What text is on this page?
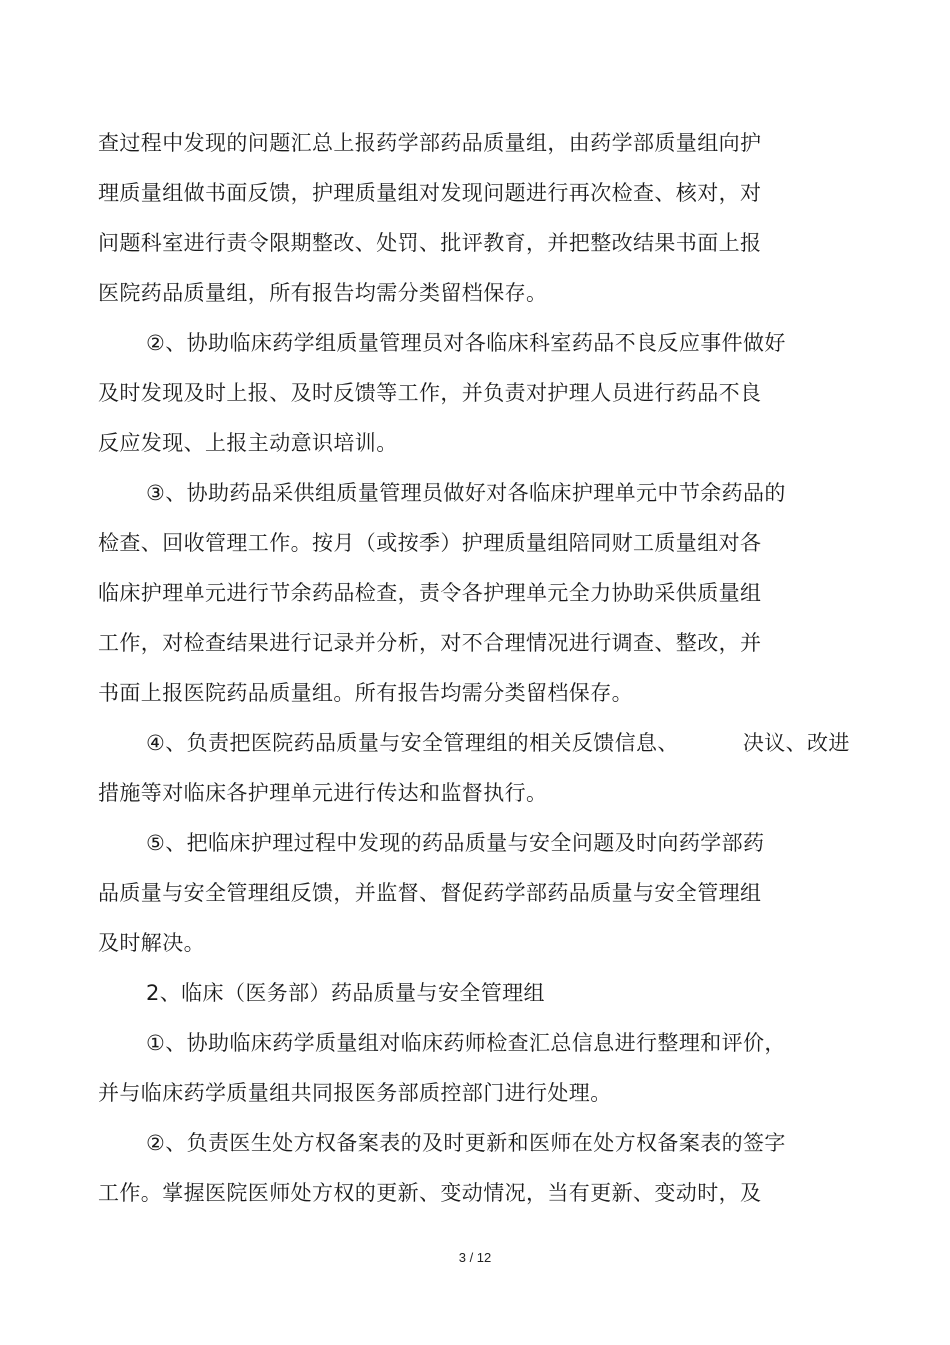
查过程中发现的问题汇总上报药学部药品质量组，由药学部质量组向护
理质量组做书面反馈，护理质量组对发现问题进行再次检查、核对，对
问题科室进行责令限期整改、处罚、批评教育，并把整改结果书面上报
医院药品质量组，所有报告均需分类留档保存。
②、协助临床药学组质量管理员对各临床科室药品不良反应事件做好
及时发现及时上报、及时反馈等工作，并负责对护理人员进行药品不良
反应发现、上报主动意识培训。
③、协助药品采供组质量管理员做好对各临床护理单元中节余药品的
检查、回收管理工作。按月（或按季）护理质量组陪同财工质量组对各
临床护理单元进行节余药品检查，责令各护理单元全力协助采供质量组
工作，对检查结果进行记录并分析，对不合理情况进行调查、整改，并
书面上报医院药品质量组。所有报告均需分类留档保存。
④、负责把医院药品质量与安全管理组的相关反馈信息、	决议、改进
措施等对临床各护理单元进行传达和监督执行。
⑤、把临床护理过程中发现的药品质量与安全问题及时向药学部药
品质量与安全管理组反馈，并监督、督促药学部药品质量与安全管理组
及时解决。
2、临床（医务部）药品质量与安全管理组
①、协助临床药学质量组对临床药师检查汇总信息进行整理和评价，
并与临床药学质量组共同报医务部质控部门进行处理。
②、负责医生处方权备案表的及时更新和医师在处方权备案表的签字
工作。掌握医院医师处方权的更新、变动情况，当有更新、变动时，及
3 / 12
